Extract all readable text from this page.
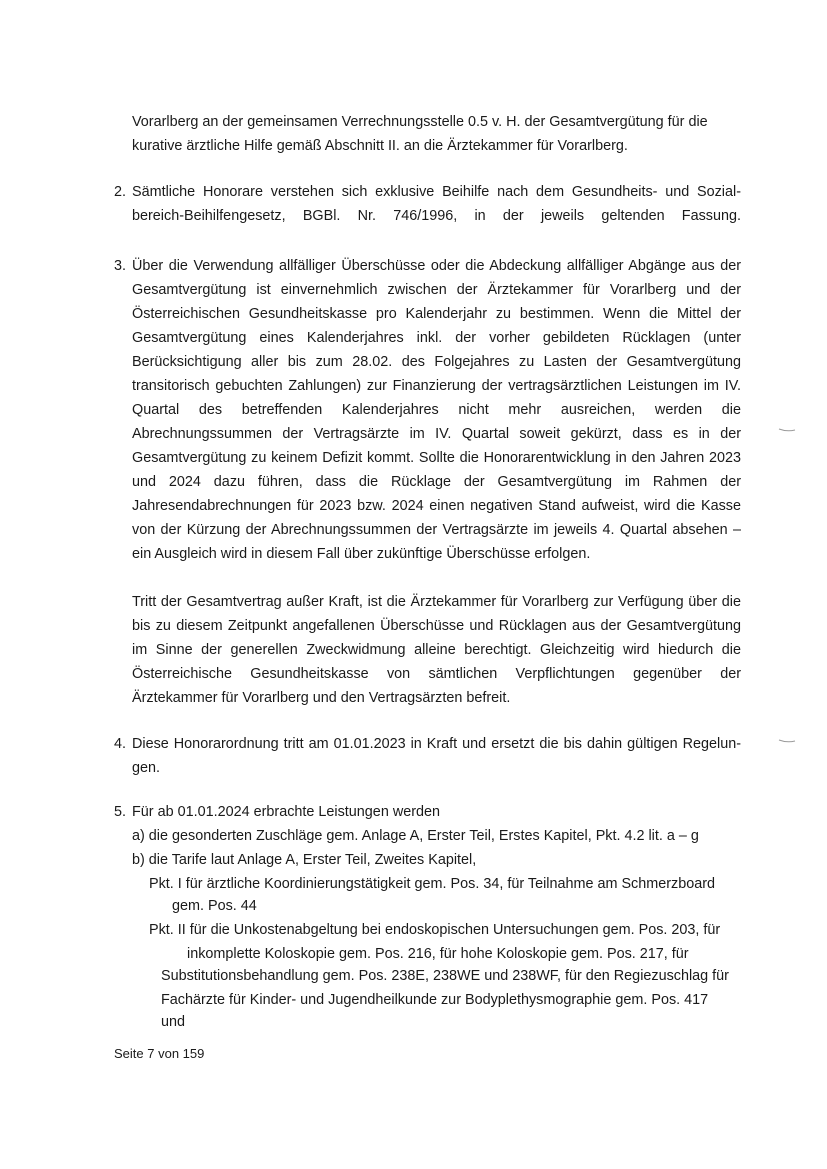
Vorarlberg an der gemeinsamen Verrechnungsstelle 0.5 v. H. der Gesamtvergütung für die
kurative ärztliche Hilfe gemäß Abschnitt II. an die Ärztekammer für Vorarlberg.
2. Sämtliche Honorare verstehen sich exklusive Beihilfe nach dem Gesundheits- und Sozial-
bereich-Beihilfengesetz, BGBl. Nr. 746/1996, in der jeweils geltenden Fassung.
3. Über die Verwendung allfälliger Überschüsse oder die Abdeckung allfälliger Abgänge aus der
Gesamtvergütung ist einvernehmlich zwischen der Ärztekammer für Vorarlberg und der
Österreichischen Gesundheitskasse pro Kalenderjahr zu bestimmen. Wenn die Mittel der
Gesamtvergütung eines Kalenderjahres inkl. der vorher gebildeten Rücklagen (unter
Berücksichtigung aller bis zum 28.02. des Folgejahres zu Lasten der Gesamtvergütung
transitorisch gebuchten Zahlungen) zur Finanzierung der vertragsärztlichen Leistungen im IV.
Quartal des betreffenden Kalenderjahres nicht mehr ausreichen, werden die
Abrechnungssummen der Vertragsärzte im IV. Quartal soweit gekürzt, dass es in der
Gesamtvergütung zu keinem Defizit kommt. Sollte die Honorarentwicklung in den Jahren 2023
und 2024 dazu führen, dass die Rücklage der Gesamtvergütung im Rahmen der
Jahresendabrechnungen für 2023 bzw. 2024 einen negativen Stand aufweist, wird die Kasse
von der Kürzung der Abrechnungssummen der Vertragsärzte im jeweils 4. Quartal absehen –
ein Ausgleich wird in diesem Fall über zukünftige Überschüsse erfolgen.
Tritt der Gesamtvertrag außer Kraft, ist die Ärztekammer für Vorarlberg zur Verfügung über die
bis zu diesem Zeitpunkt angefallenen Überschüsse und Rücklagen aus der Gesamtvergütung
im Sinne der generellen Zweckwidmung alleine berechtigt. Gleichzeitig wird hiedurch die
Österreichische Gesundheitskasse von sämtlichen Verpflichtungen gegenüber der
Ärztekammer für Vorarlberg und den Vertragsärzten befreit.
4. Diese Honorarordnung tritt am 01.01.2023 in Kraft und ersetzt die bis dahin gültigen Regelun-
gen.
5. Für ab 01.01.2024 erbrachte Leistungen werden
a) die gesonderten Zuschläge gem. Anlage A, Erster Teil, Erstes Kapitel, Pkt. 4.2 lit. a – g
b) die Tarife laut Anlage A, Erster Teil, Zweites Kapitel,
Pkt. I für ärztliche Koordinierungstätigkeit gem. Pos. 34, für Teilnahme am Schmerzboard
gem. Pos. 44
Pkt. II für die Unkostenabgeltung bei endoskopischen Untersuchungen gem. Pos. 203, für
inkomplette Koloskopie gem. Pos. 216, für hohe Koloskopie gem. Pos. 217, für
Substitutionsbehandlung gem. Pos. 238E, 238WE und 238WF, für den Regiezuschlag für
Fachärzte für Kinder- und Jugendheilkunde zur Bodyplethysmographie gem. Pos. 417
und
Seite 7 von 159
